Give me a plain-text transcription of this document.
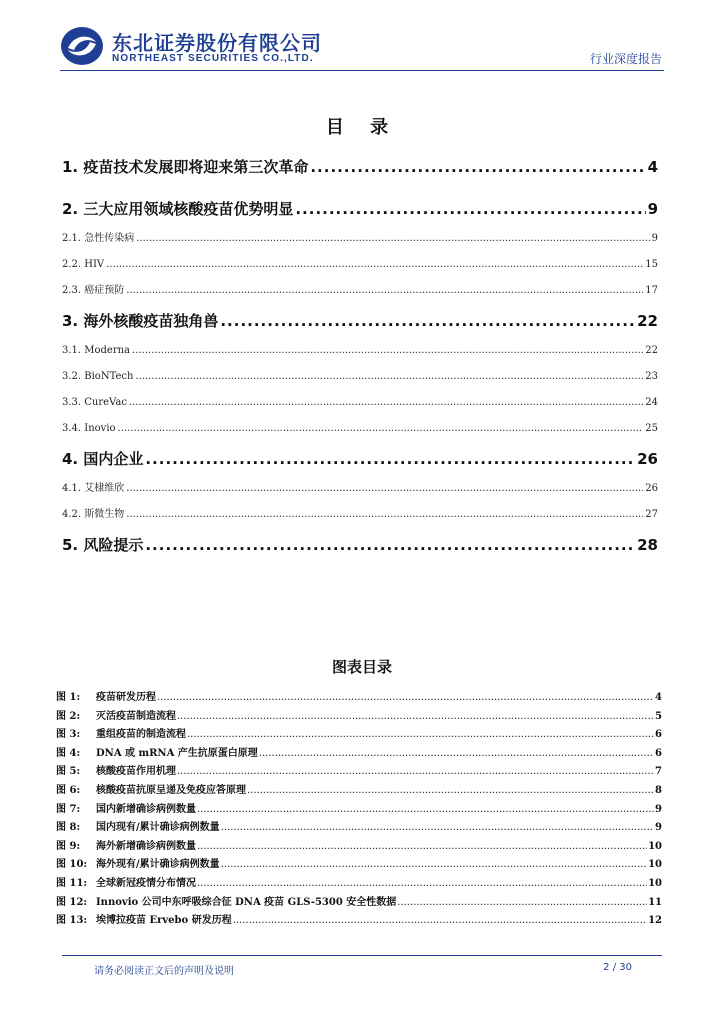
东北证券股份有限公司
NORTHEAST SECURITIES CO.,LTD.	行业深度报告
目 录
1. 疫苗技术发展即将迎来第三次革命 .....	4
2. 三大应用领域核酸疫苗优势明显 .....	9
2.1. 急性传染病 .....	9
2.2. HIV .....	15
2.3. 癌症预防 .....	17
3. 海外核酸疫苗独角兽 .....	22
3.1. Moderna .....	22
3.2. BioNTech .....	23
3.3. CureVac .....	24
3.4. Inovio .....	25
4. 国内企业 .....	26
4.1. 艾棣维欣 .....	26
4.2. 斯微生物 .....	27
5. 风险提示 .....	28
图表目录
图 1:	疫苗研发历程 .....	4
图 2:	灭活疫苗制造流程 .....	5
图 3:	重组疫苗的制造流程 .....	6
图 4:	DNA 或 mRNA 产生抗原蛋白原理 .....	6
图 5:	核酸疫苗作用机理 .....	7
图 6:	核酸疫苗抗原呈递及免疫应答原理 .....	8
图 7:	国内新增确诊病例数量 .....	9
图 8:	国内现有/累计确诊病例数量 .....	9
图 9:	海外新增确诊病例数量 .....	10
图 10: 海外现有/累计确诊病例数量 .....	10
图 11: 全球新冠疫情分布情况 .....	10
图 12: Innovio 公司中东呼吸综合征 DNA 疫苗 GLS-5300 安全性数据 .....	11
图 13: 埃博拉疫苗 Ervebo 研发历程 .....	12
请务必阅读正文后的声明及说明	2 / 30
